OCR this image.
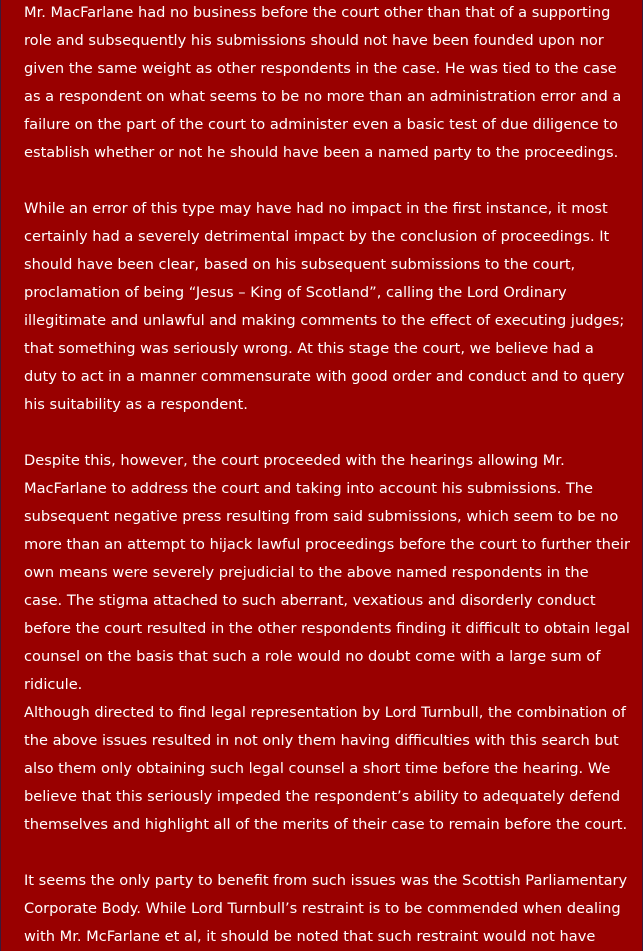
Mr. MacFarlane had no business before the court other than that of a supporting
role and subsequently his submissions should not have been founded upon nor
given the same weight as other respondents in the case. He was tied to the case
as a respondent on what seems to be no more than an administration error and a
failure on the part of the court to administer even a basic test of due diligence to
establish whether or not he should have been a named party to the proceedings.
While an error of this type may have had no impact in the first instance, it most
certainly had a severely detrimental impact by the conclusion of proceedings. It
should have been clear, based on his subsequent submissions to the court,
proclamation of being “Jesus – King of Scotland”, calling the Lord Ordinary
illegitimate and unlawful and making comments to the effect of executing judges;
that something was seriously wrong. At this stage the court, we believe had a
duty to act in a manner commensurate with good order and conduct and to query
his suitability as a respondent.
Despite this, however, the court proceeded with the hearings allowing Mr.
MacFarlane to address the court and taking into account his submissions. The
subsequent negative press resulting from said submissions, which seem to be no
more than an attempt to hijack lawful proceedings before the court to further their
own means were severely prejudicial to the above named respondents in the
case. The stigma attached to such aberrant, vexatious and disorderly conduct
before the court resulted in the other respondents finding it difficult to obtain legal
counsel on the basis that such a role would no doubt come with a large sum of
ridicule.
Although directed to find legal representation by Lord Turnbull, the combination of
the above issues resulted in not only them having difficulties with this search but
also them only obtaining such legal counsel a short time before the hearing. We
believe that this seriously impeded the respondent’s ability to adequately defend
themselves and highlight all of the merits of their case to remain before the court.
It seems the only party to benefit from such issues was the Scottish Parliamentary
Corporate Body. While Lord Turnbull’s restraint is to be commended when dealing
with Mr. McFarlane et al, it should be noted that such restraint would not have
